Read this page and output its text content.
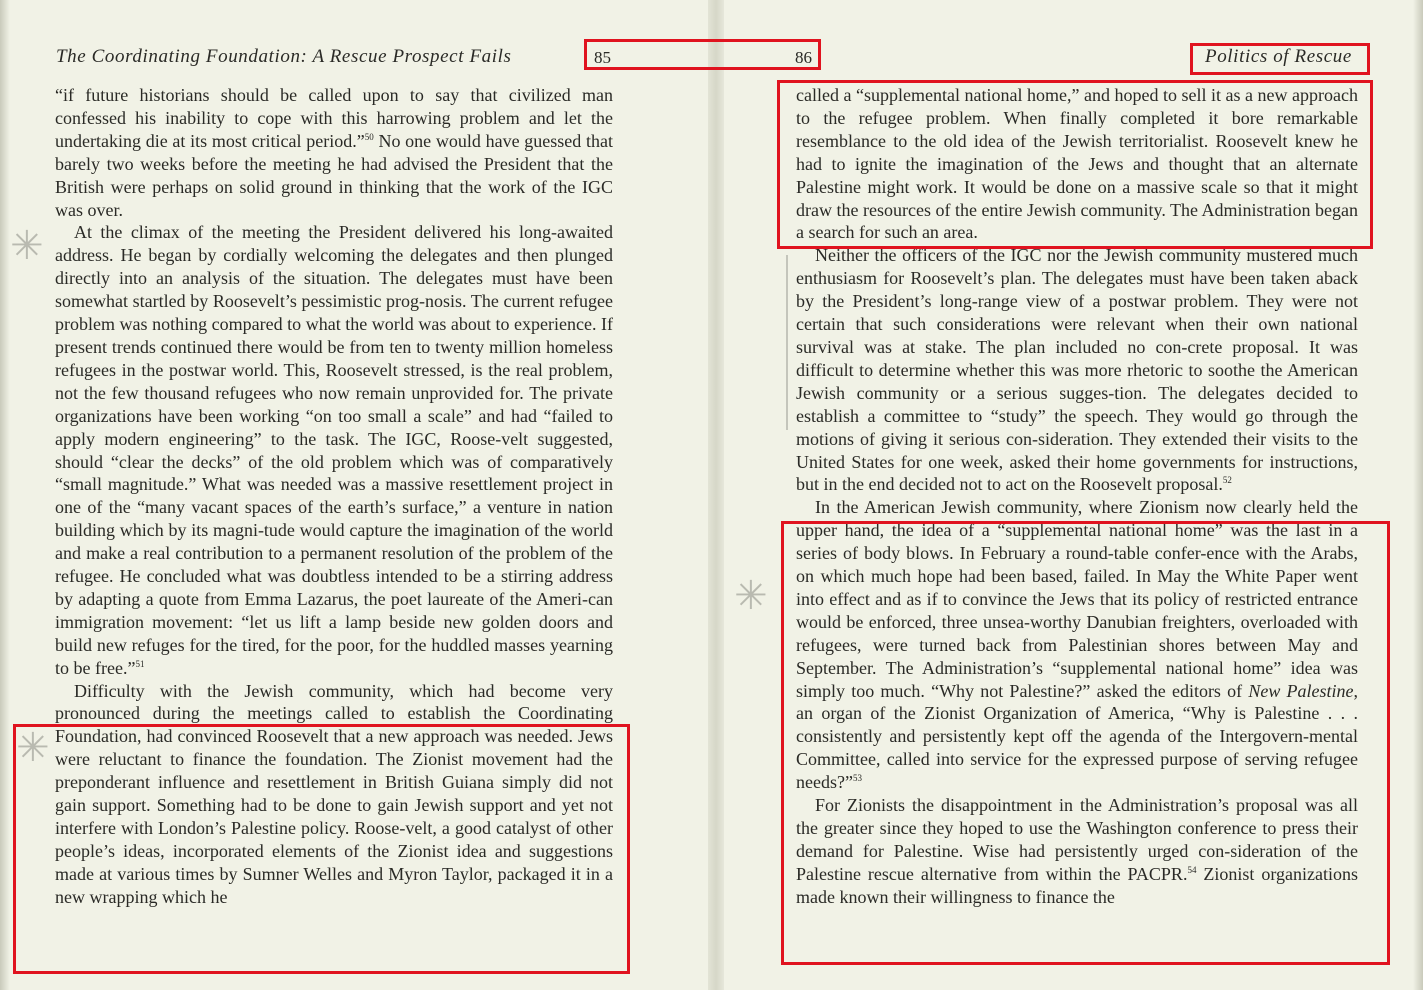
The Coordinating Foundation: A Rescue Prospect Fails	85	86	Politics of Rescue

“if future historians should be called upon to say that civilized man confessed his inability to cope with this harrowing problem and let the undertaking die at its most critical period.”$^{50}$ No one would have guessed that barely two weeks before the meeting he had advised the President that the British were perhaps on solid ground in thinking that the work of the IGC was over.

At the climax of the meeting the President delivered his long-awaited address. He began by cordially welcoming the delegates and then plunged directly into an analysis of the situation. The delegates must have been somewhat startled by Roosevelt’s pessimistic prog-nosis. The current refugee problem was nothing compared to what the world was about to experience. If present trends continued there would be from ten to twenty million homeless refugees in the postwar world. This, Roosevelt stressed, is the real problem, not the few thousand refugees who now remain unprovided for. The private organizations have been working “on too small a scale” and had “failed to apply modern engineering” to the task. The IGC, Roose-velt suggested, should “clear the decks” of the old problem which was of comparatively “small magnitude.” What was needed was a massive resettlement project in one of the “many vacant spaces of the earth’s surface,” a venture in nation building which by its magni-tude would capture the imagination of the world and make a real contribution to a permanent resolution of the problem of the refugee. He concluded what was doubtless intended to be a stirring address by adapting a quote from Emma Lazarus, the poet laureate of the Ameri-can immigration movement: “let us lift a lamp beside new golden doors and build new refuges for the tired, for the poor, for the huddled masses yearning to be free.”$^{51}$

Difficulty with the Jewish community, which had become very pronounced during the meetings called to establish the Coordinating Foundation, had convinced Roosevelt that a new approach was needed. Jews were reluctant to finance the foundation. The Zionist movement had the preponderant influence and resettlement in British Guiana simply did not gain support. Something had to be done to gain Jewish support and yet not interfere with London’s Palestine policy. Roose-velt, a good catalyst of other people’s ideas, incorporated elements of the Zionist idea and suggestions made at various times by Sumner Welles and Myron Taylor, packaged it in a new wrapping which he

called a “supplemental national home,” and hoped to sell it as a new approach to the refugee problem. When finally completed it bore remarkable resemblance to the old idea of the Jewish territorialist. Roosevelt knew he had to ignite the imagination of the Jews and thought that an alternate Palestine might work. It would be done on a massive scale so that it might draw the resources of the entire Jewish community. The Administration began a search for such an area.

Neither the officers of the IGC nor the Jewish community mustered much enthusiasm for Roosevelt’s plan. The delegates must have been taken aback by the President’s long-range view of a postwar problem. They were not certain that such considerations were relevant when their own national survival was at stake. The plan included no con-crete proposal. It was difficult to determine whether this was more rhetoric to soothe the American Jewish community or a serious sugges-tion. The delegates decided to establish a committee to “study” the speech. They would go through the motions of giving it serious con-sideration. They extended their visits to the United States for one week, asked their home governments for instructions, but in the end decided not to act on the Roosevelt proposal.$^{52}$

In the American Jewish community, where Zionism now clearly held the upper hand, the idea of a “supplemental national home” was the last in a series of body blows. In February a round-table confer-ence with the Arabs, on which much hope had been based, failed. In May the White Paper went into effect and as if to convince the Jews that its policy of restricted entrance would be enforced, three unsea-worthy Danubian freighters, overloaded with refugees, were turned back from Palestinian shores between May and September. The Administration’s “supplemental national home” idea was simply too much. “Why not Palestine?” asked the editors of New Palestine, an organ of the Zionist Organization of America, “Why is Palestine . . . consistently and persistently kept off the agenda of the Intergovern-mental Committee, called into service for the expressed purpose of serving refugee needs?”$^{53}$

For Zionists the disappointment in the Administration’s proposal was all the greater since they hoped to use the Washington conference to press their demand for Palestine. Wise had persistently urged con-sideration of the Palestine rescue alternative from within the PACPR.$^{54}$ Zionist organizations made known their willingness to finance the

✳
✳
✳
